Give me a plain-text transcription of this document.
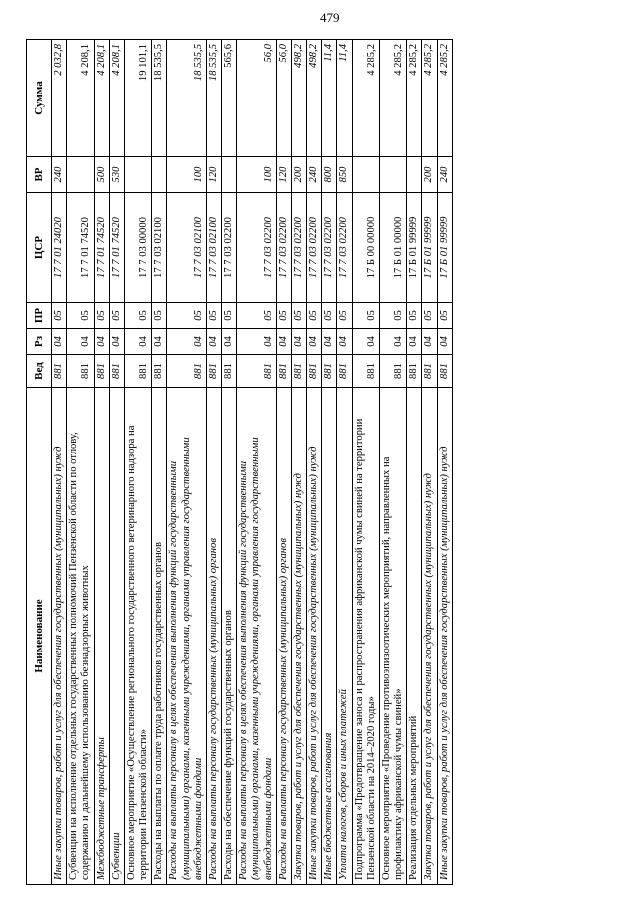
479
Наименование	Вед	Рз	ПР	ЦСР	ВР	Сумма
Иные закупки товаров, работ и услуг для обеспечения государственных (муниципальных) нужд	881	04	05	17 7 01 24020	240	2 032,8
Субвенции на исполнение отдельных государственных полномочий Пензенской области по отлову, содержанию и дальнейшему использованию безнадзорных животных	881	04	05	17 7 01 74520		4 208,1
Межбюджетные трансферты	881	04	05	17 7 01 74520	500	4 208,1
Субвенции	881	04	05	17 7 01 74520	530	4 208,1
Основное мероприятие «Осуществление регионального государственного ветеринарного надзора на территории Пензенской области»	881	04	05	17 7 03 00000		19 101,1
Расходы на выплаты по оплате труда работников государственных органов	881	04	05	17 7 03 02100		18 535,5
Расходы на выплаты персоналу в целях обеспечения выполнения функций государственными (муниципальными) органами, казенными учреждениями, органами управления государственными внебюджетными фондами	881	04	05	17 7 03 02100	100	18 535,5
Расходы на выплаты персоналу государственных (муниципальных) органов	881	04	05	17 7 03 02100	120	18 535,5
Расходы на обеспечение функций государственных органов	881	04	05	17 7 03 02200		565,6
Расходы на выплаты персоналу в целях обеспечения выполнения функций государственными (муниципальными) органами, казенными учреждениями, органами управления государственными внебюджетными фондами	881	04	05	17 7 03 02200	100	56,0
Расходы на выплаты персоналу государственных (муниципальных) органов	881	04	05	17 7 03 02200	120	56,0
Закупка товаров, работ и услуг для обеспечения государственных (муниципальных) нужд	881	04	05	17 7 03 02200	200	498,2
Иные закупки товаров, работ и услуг для обеспечения государственных (муниципальных) нужд	881	04	05	17 7 03 02200	240	498,2
Иные бюджетные ассигнования	881	04	05	17 7 03 02200	800	11,4
Уплата налогов, сборов и иных платежей	881	04	05	17 7 03 02200	850	11,4
Подпрограмма «Предотвращение заноса и распространения африканской чумы свиней на территории Пензенской области на 2014–2020 годы»	881	04	05	17 Б 00 00000		4 285,2
Основное мероприятие «Проведение противоэпизоотических мероприятий, направленных на профилактику африканской чумы свиней»	881	04	05	17 Б 01 00000		4 285,2
Реализация отдельных мероприятий	881	04	05	17 Б 01 99999		4 285,2
Закупка товаров, работ и услуг для обеспечения государственных (муниципальных) нужд	881	04	05	17 Б 01 99999	200	4 285,2
Иные закупки товаров, работ и услуг для обеспечения государственных (муниципальных) нужд	881	04	05	17 Б 01 99999	240	4 285,2
